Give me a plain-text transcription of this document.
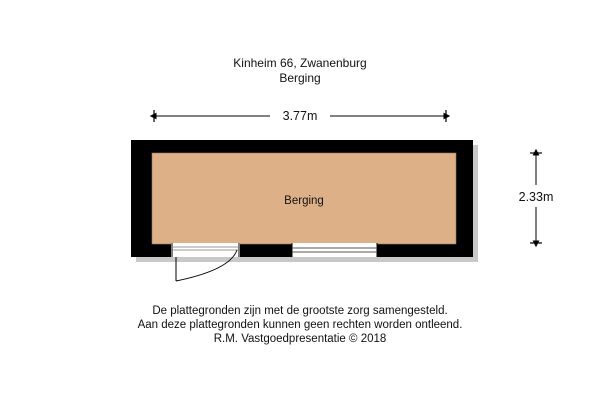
Kinheim 66, Zwanenburg
Berging
3.77m
2.33m
Berging
De plattegronden zijn met de grootste zorg samengesteld.
Aan deze plattegronden kunnen geen rechten worden ontleend.
R.M. Vastgoedpresentatie © 2018
